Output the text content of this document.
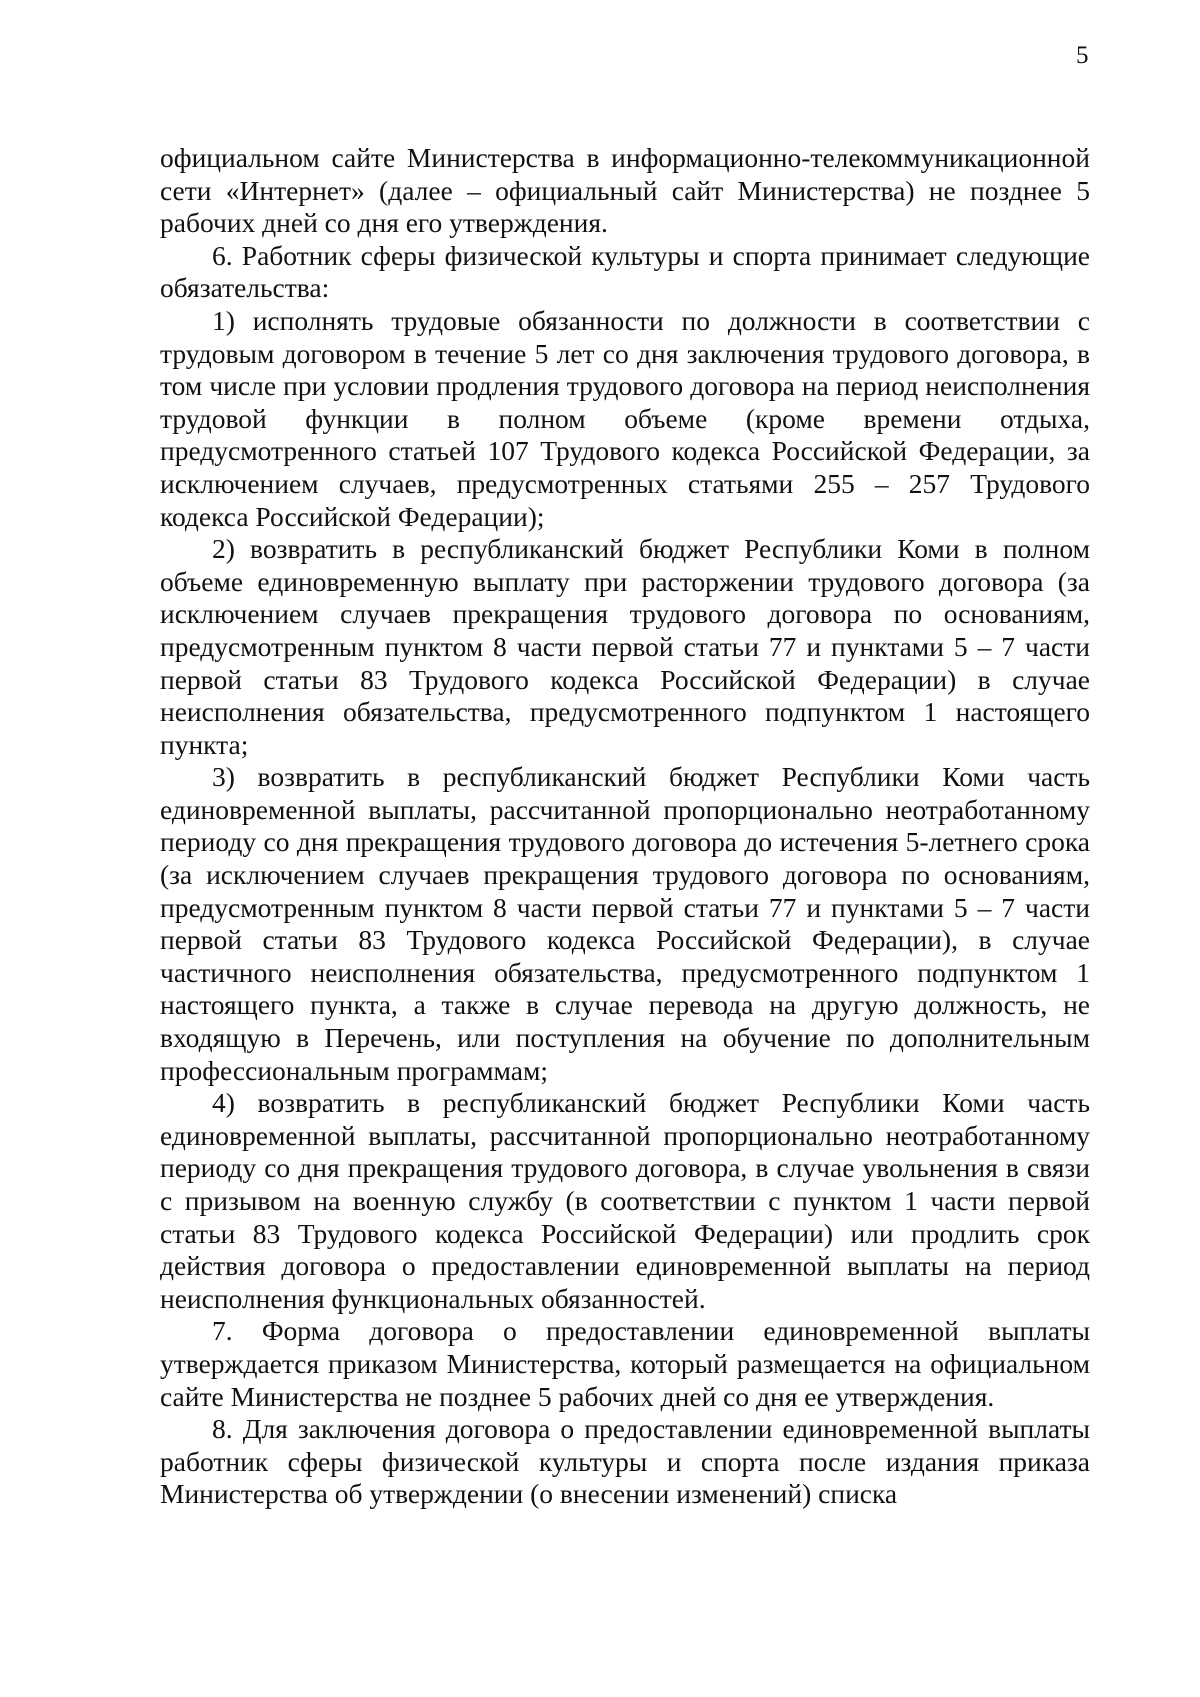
5

официальном сайте Министерства в информационно-телекоммуникационной сети «Интернет» (далее – официальный сайт Министерства) не позднее 5 рабочих дней со дня его утверждения.

6. Работник сферы физической культуры и спорта принимает следующие обязательства:

1) исполнять трудовые обязанности по должности в соответствии с трудовым договором в течение 5 лет со дня заключения трудового договора, в том числе при условии продления трудового договора на период неисполнения трудовой функции в полном объеме (кроме времени отдыха, предусмотренного статьей 107 Трудового кодекса Российской Федерации, за исключением случаев, предусмотренных статьями 255 – 257 Трудового кодекса Российской Федерации);

2) возвратить в республиканский бюджет Республики Коми в полном объеме единовременную выплату при расторжении трудового договора (за исключением случаев прекращения трудового договора по основаниям, предусмотренным пунктом 8 части первой статьи 77 и пунктами 5 – 7 части первой статьи 83 Трудового кодекса Российской Федерации) в случае неисполнения обязательства, предусмотренного подпунктом 1 настоящего пункта;

3) возвратить в республиканский бюджет Республики Коми часть единовременной выплаты, рассчитанной пропорционально неотработанному периоду со дня прекращения трудового договора до истечения 5-летнего срока (за исключением случаев прекращения трудового договора по основаниям, предусмотренным пунктом 8 части первой статьи 77 и пунктами 5 – 7 части первой статьи 83 Трудового кодекса Российской Федерации), в случае частичного неисполнения обязательства, предусмотренного подпунктом 1 настоящего пункта, а также в случае перевода на другую должность, не входящую в Перечень, или поступления на обучение по дополнительным профессиональным программам;

4) возвратить в республиканский бюджет Республики Коми часть единовременной выплаты, рассчитанной пропорционально неотработанному периоду со дня прекращения трудового договора, в случае увольнения в связи с призывом на военную службу (в соответствии с пунктом 1 части первой статьи 83 Трудового кодекса Российской Федерации) или продлить срок действия договора о предоставлении единовременной выплаты на период неисполнения функциональных обязанностей.

7. Форма договора о предоставлении единовременной выплаты утверждается приказом Министерства, который размещается на официальном сайте Министерства не позднее 5 рабочих дней со дня ее утверждения.

8. Для заключения договора о предоставлении единовременной выплаты работник сферы физической культуры и спорта после издания приказа Министерства об утверждении (о внесении изменений) списка
